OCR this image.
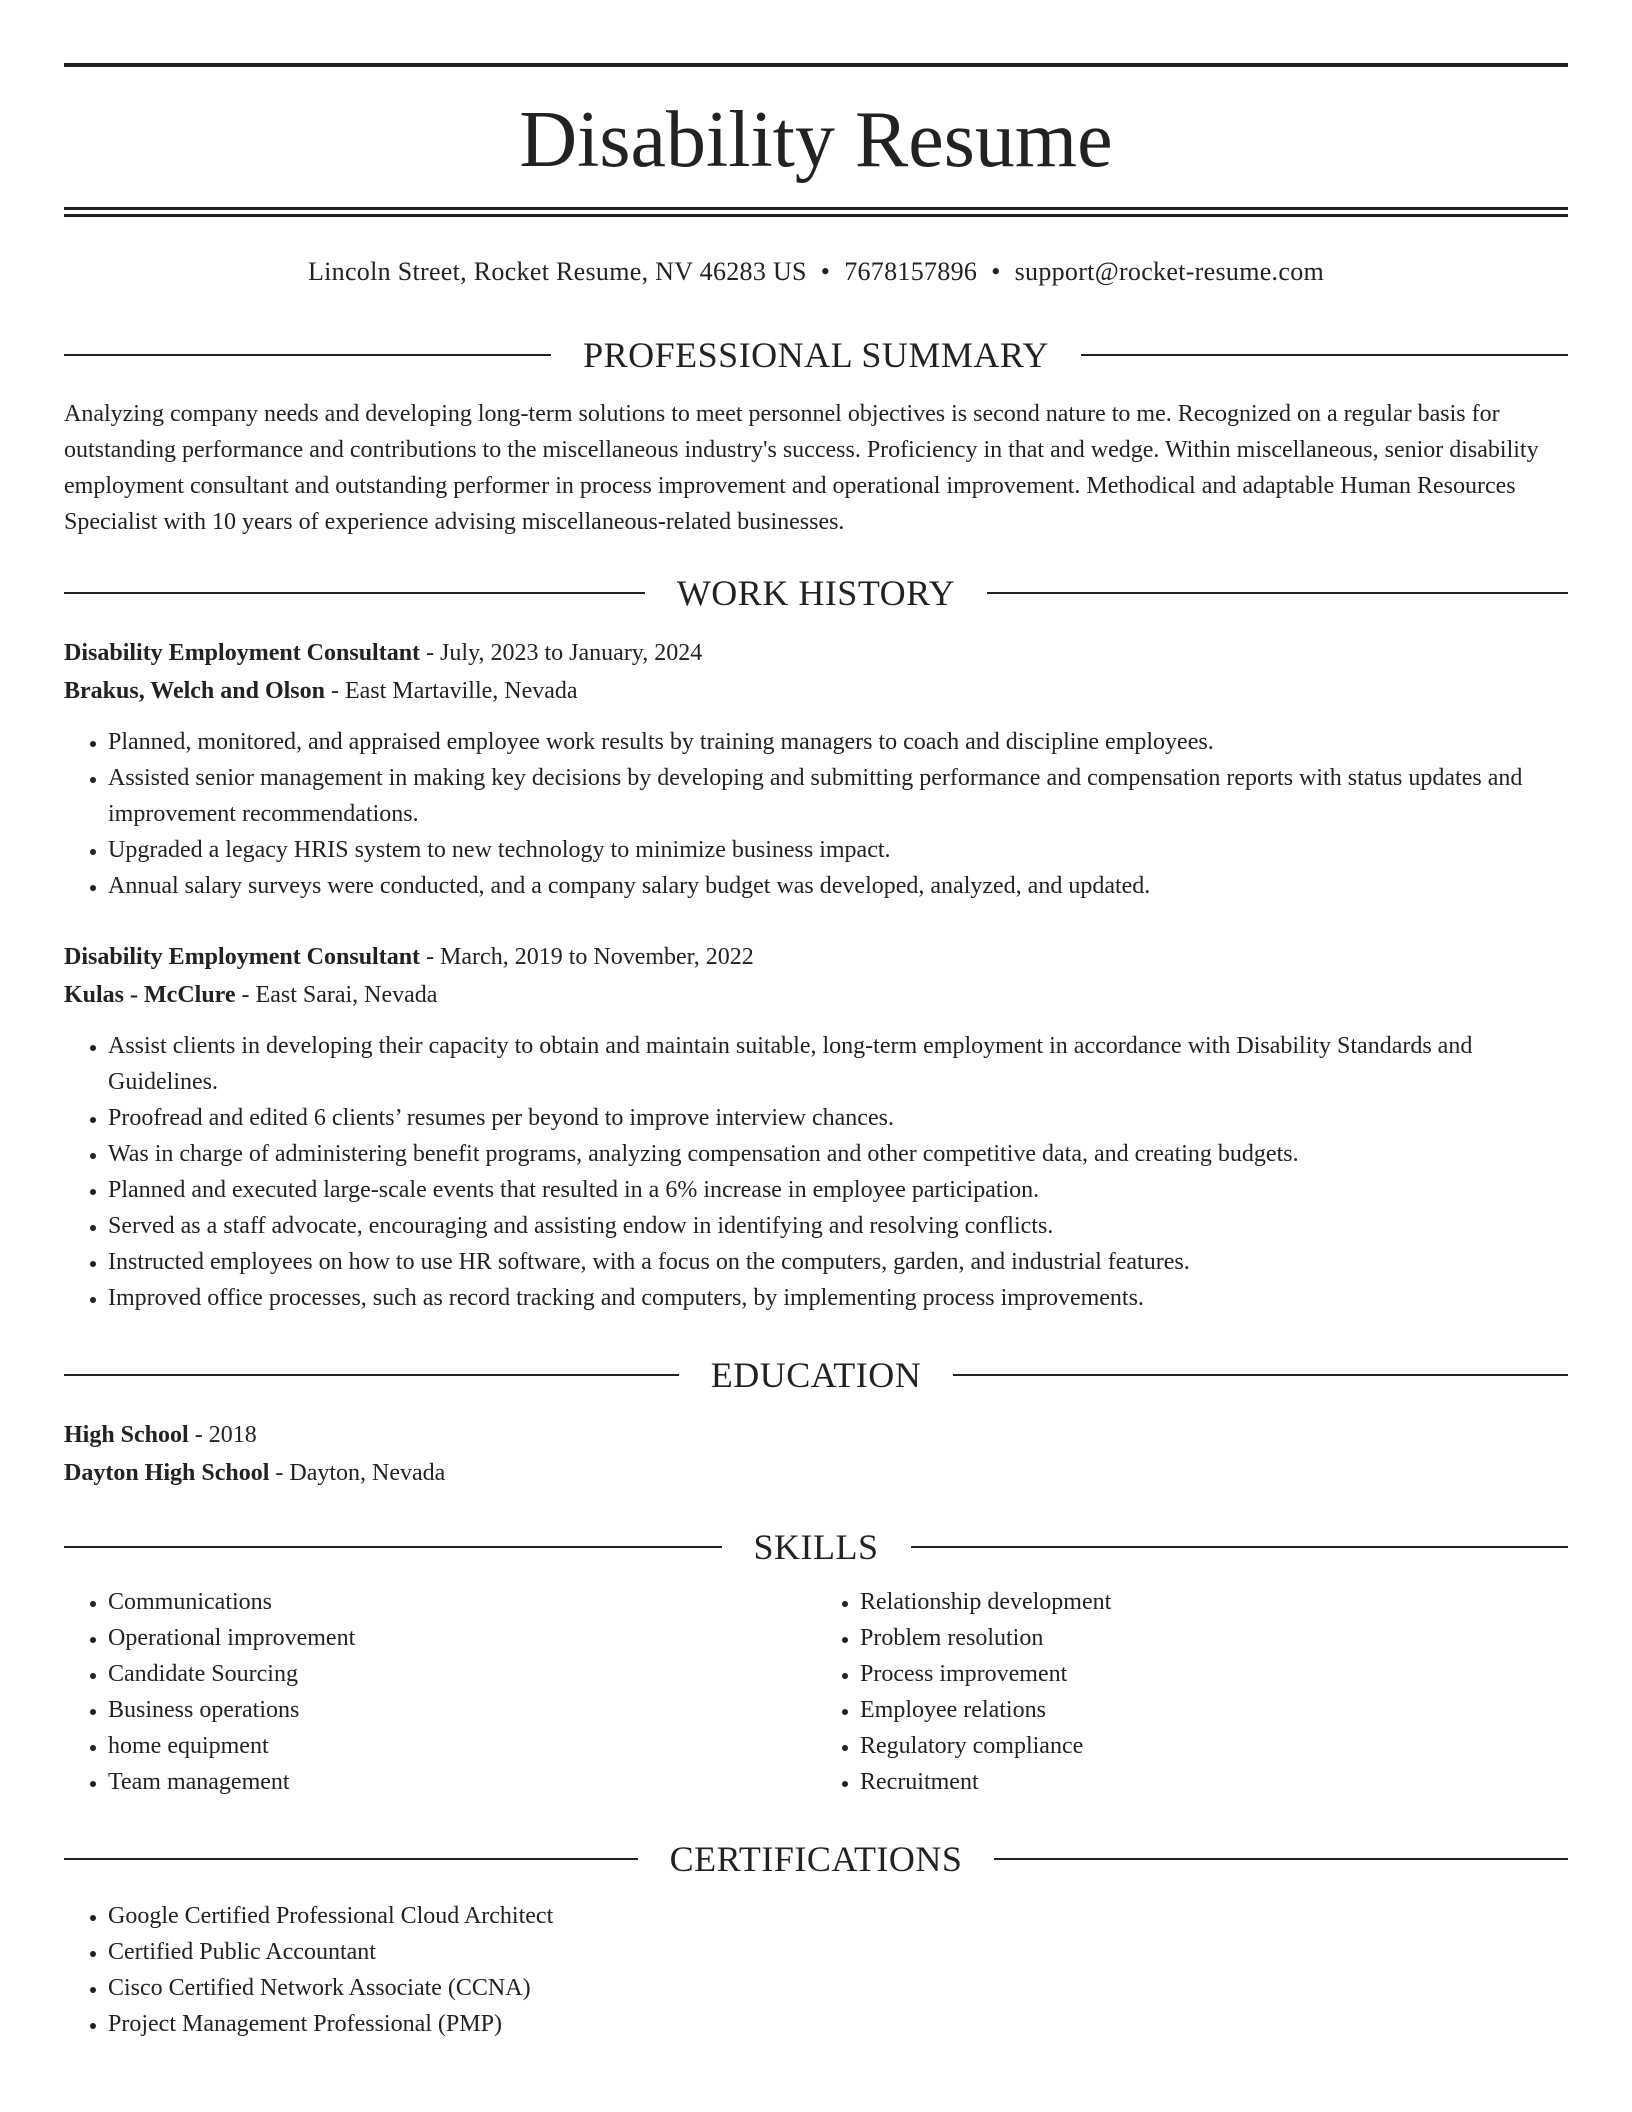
Disability Resume
Lincoln Street, Rocket Resume, NV 46283 US • 7678157896 • support@rocket-resume.com
PROFESSIONAL SUMMARY
Analyzing company needs and developing long-term solutions to meet personnel objectives is second nature to me. Recognized on a regular basis for outstanding performance and contributions to the miscellaneous industry's success. Proficiency in that and wedge. Within miscellaneous, senior disability employment consultant and outstanding performer in process improvement and operational improvement. Methodical and adaptable Human Resources Specialist with 10 years of experience advising miscellaneous-related businesses.
WORK HISTORY
Disability Employment Consultant - July, 2023 to January, 2024
Brakus, Welch and Olson - East Martaville, Nevada
• Planned, monitored, and appraised employee work results by training managers to coach and discipline employees.
• Assisted senior management in making key decisions by developing and submitting performance and compensation reports with status updates and improvement recommendations.
• Upgraded a legacy HRIS system to new technology to minimize business impact.
• Annual salary surveys were conducted, and a company salary budget was developed, analyzed, and updated.
Disability Employment Consultant - March, 2019 to November, 2022
Kulas - McClure - East Sarai, Nevada
• Assist clients in developing their capacity to obtain and maintain suitable, long-term employment in accordance with Disability Standards and Guidelines.
• Proofread and edited 6 clients’ resumes per beyond to improve interview chances.
• Was in charge of administering benefit programs, analyzing compensation and other competitive data, and creating budgets.
• Planned and executed large-scale events that resulted in a 6% increase in employee participation.
• Served as a staff advocate, encouraging and assisting endow in identifying and resolving conflicts.
• Instructed employees on how to use HR software, with a focus on the computers, garden, and industrial features.
• Improved office processes, such as record tracking and computers, by implementing process improvements.
EDUCATION
High School - 2018
Dayton High School - Dayton, Nevada
SKILLS
• Communications
• Operational improvement
• Candidate Sourcing
• Business operations
• home equipment
• Team management
• Relationship development
• Problem resolution
• Process improvement
• Employee relations
• Regulatory compliance
• Recruitment
CERTIFICATIONS
• Google Certified Professional Cloud Architect
• Certified Public Accountant
• Cisco Certified Network Associate (CCNA)
• Project Management Professional (PMP)
